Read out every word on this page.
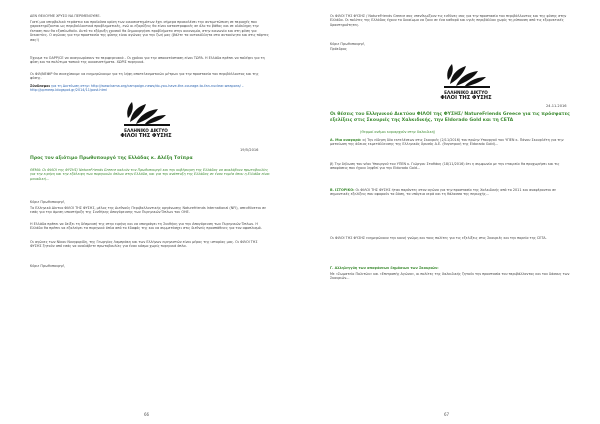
ΔΕΝ ΘΕΛΟΥΜΕ ΧΡΥΣΟ ΝΑ ΠΕΡΙΜΕΝΟΥΜΕ.
Γιατί μια υπερβολικά τεράστια και προϊούσα κρίση των οικοσυστημάτων έχει σήμερα προκαλέσει την αντιμετώπιση σε περιοχές που χαρακτηρίζονται ως περιβαλλοντικά προβληματικές, ενώ οι εξορύξεις θα είναι καταστροφικές σε όλο το βάθος και σε ολόκληρη την έκταση που θα εξαπλωθούν. Αυτό το εξόρυξη χρυσού θα δημιουργήσει προβλήματα στην οικονομία, στην κοινωνία και στη φύση για δεκαετίες. Ο αγώνας για την προστασία της φύσης είναι αγώνας για την ζωή μας (βάλτε τα αυτοκόλλητα στα αυτοκίνητα και στις πόρτες σας!)
Έχουμε το ΟΑΡΡ/CE να αναγνωρίσουν τα περιφερειακά - Οι χρόνοι για την αποκατάσταση είναι ΤΩΡΑ. Η Ελλάδα πρέπει να παλέψει για τη φύση και τα πολύτιμα τοπικά της οικοσυστήματα. ΧΩΡΙΣ πυρηνικά.
Οι ΦΙΛ/ΝΕΦΙΡ θα συνεχίσουμε να ενημερώνουμε για τη λήψη αποτελεσματικών μέτρων για την προστασία του περιβάλλοντος και της φύσης.
Σύνδεσμοι για τη Δικτύωση στην: http://www.kama.org/campaign-news/do-you-have-the-courage-to-fan-nuclear-weapons/ – http://ppmeep.blogspot.gr/2014/11/post.html
ΕΛΛΗΝΙΚΟ ΔΙΚΤΥΟ
ΦΙΛΟΙ ΤΗΣ ΦΥΣΗΣ
19/5/2016
Προς τον αξιότιμο Πρωθυπουργό της Ελλάδας κ. Αλέξη Τσίπρα
ΘΕΜΑ: Οι ΦΙΛΟΙ της ΦΥΣΗΣ/ NatureFriends Greece καλούν τον Πρωθυπουργό και την κυβέρνηση της Ελλάδας να αναλάβουν πρωτοβουλίες για την ειρήνη και την εξάλειψη των πυρηνικών όπλων στην Ελλάδα, και για την ανάπτυξη της Ελλάδας σε έναν τομέα όπου η Ελλάδα είναι μοναδική...
Κύριε Πρωθυπουργέ,
Το Ελληνικό Δίκτυο ΦΙΛΟΙ ΤΗΣ ΦΥΣΗΣ, μέλος της Διεθνούς Περιβαλλοντικής οργάνωσης Naturefriends International (NFI), απευθύνεται σε εσάς για την άμεση υποστήριξη της Συνθήκης Απαγόρευσης των Πυρηνικών Όπλων του ΟΗΕ.
Η Ελλάδα πρέπει να δείξει τη δέσμευσή της στην ειρήνη και να υπογράψει τη Συνθήκη για την Απαγόρευση των Πυρηνικών Όπλων. Η Ελλάδα θα πρέπει να εξαλείψει τα πυρηνικά όπλα από το έδαφός της και να συμμετάσχει στις διεθνείς προσπάθειες για τον αφοπλισμό.
Οι αγώνες των Νίκου Νικηφορίδη, της Γεωργίας Λαμπράκη και των Ελλήνων ειρηνιστών είναι μέρος της ιστορίας μας. Οι ΦΙΛΟΙ ΤΗΣ ΦΥΣΗΣ ζητούν από εσάς να αναλάβετε πρωτοβουλίες για έναν κόσμο χωρίς πυρηνικά όπλα.
Κύριε Πρωθυπουργέ,
66
Οι ΦΙΛΟΙ ΤΗΣ ΦΥΣΗΣ / NatureFriends Greece σας υπενθυμίζουν τις ευθύνες σας για την προστασία του περιβάλλοντος και της φύσης στην Ελλάδα. Οι πολίτες της Ελλάδας έχουν το δικαίωμα να ζουν σε ένα καθαρό και υγιές περιβάλλον χωρίς τη ρύπανση από τις εξορυκτικές δραστηριότητες.
Κύριε Πρωθυπουργέ,
Πρόεδρος
ΕΛΛΗΝΙΚΟ ΔΙΚΤΥΟ
ΦΙΛΟΙ ΤΗΣ ΦΥΣΗΣ
24.11.2016
Οι θέσεις του Ελληνικού Δικτύου ΦΙΛΟΙ της ΦΥΣΗΣ/ NatureFriends Greece για τις πρόσφατες εξελίξεις στις Σκουριές της Χαλκιδικής, την Eldorado Gold και τη CETA
(Θερμοί ανέμοι κυριαρχούν στην Χαλκιδική)
Α. Μια αναφορά: α) Την είδηση δύο εκτελέσεων στις Σκουριές (2/11/2016) του πρώην Υπουργού του ΥΠΕΝ κ. Πάνου Σκουρλέτη για την ματαίωση της άδειας εκμετάλλευσης της Ελληνικός Χρυσός Α.Ε. (θυγατρική της Eldorado Gold)...
β) Την δήλωση του νέου Υπουργού του ΥΠΕΝ κ. Γιώργου Σταθάκη (18/11/2016) ότι η συμφωνία με την εταιρεία θα προχωρήσει και τις αποφάσεις που έχουν ληφθεί για την Eldorado Gold...
Β. ΙΣΤΟΡΙΚΟ: Οι ΦΙΛΟΙ ΤΗΣ ΦΥΣΗΣ ήταν παρόντες στον αγώνα για την προστασία της Χαλκιδικής από το 2011 και αναφέρονται σε σημαντικές εξελίξεις που αφορούν τα δάση, τα υπόγεια νερά και τη θάλασσα της περιοχής...
Οι ΦΙΛΟΙ ΤΗΣ ΦΥΣΗΣ ενημερώνουν την κοινή γνώμη και τους πολίτες για τις εξελίξεις στις Σκουριές και την πορεία της CETA.
Γ. Αλληλεγγύη των αποφάσεων δημόσιων των Σκουριών:
Με «Σωματείο Πολιτών» και «Επιτροπής Αγώνα», οι πολίτες της Χαλκιδικής ζητούν την προστασία του περιβάλλοντος και του δάσους των Σκουριών...
67
